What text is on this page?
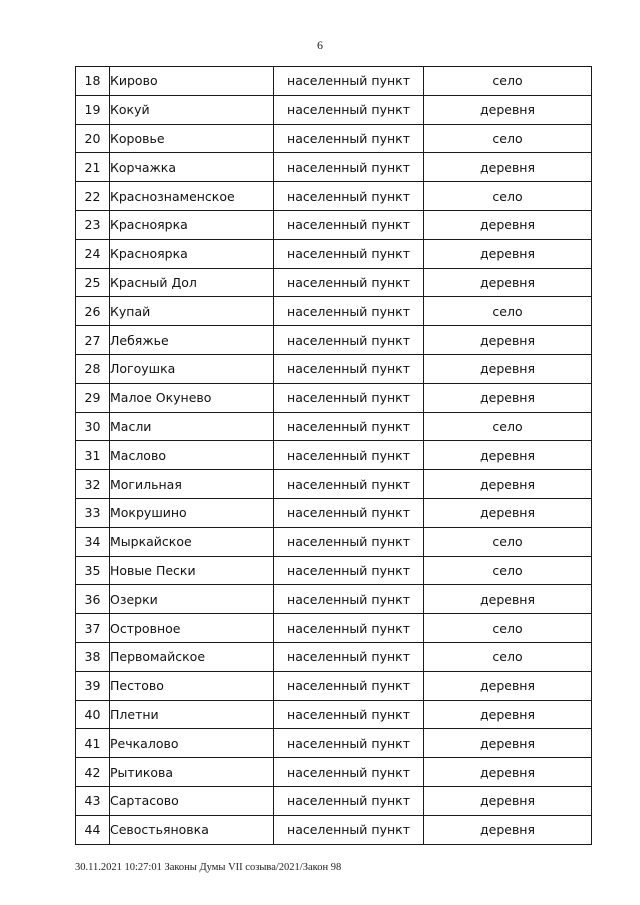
6
18	Кирово	населенный пункт	село
19	Кокуй	населенный пункт	деревня
20	Коровье	населенный пункт	село
21	Корчажка	населенный пункт	деревня
22	Краснознаменское	населенный пункт	село
23	Красноярка	населенный пункт	деревня
24	Красноярка	населенный пункт	деревня
25	Красный Дол	населенный пункт	деревня
26	Купай	населенный пункт	село
27	Лебяжье	населенный пункт	деревня
28	Логоушка	населенный пункт	деревня
29	Малое Окунево	населенный пункт	деревня
30	Масли	населенный пункт	село
31	Маслово	населенный пункт	деревня
32	Могильная	населенный пункт	деревня
33	Мокрушино	населенный пункт	деревня
34	Мыркайское	населенный пункт	село
35	Новые Пески	населенный пункт	село
36	Озерки	населенный пункт	деревня
37	Островное	населенный пункт	село
38	Первомайское	населенный пункт	село
39	Пестово	населенный пункт	деревня
40	Плетни	населенный пункт	деревня
41	Речкалово	населенный пункт	деревня
42	Рытикова	населенный пункт	деревня
43	Сартасово	населенный пункт	деревня
44	Севостьяновка	населенный пункт	деревня
30.11.2021 10:27:01 Законы Думы VII созыва/2021/Закон 98
